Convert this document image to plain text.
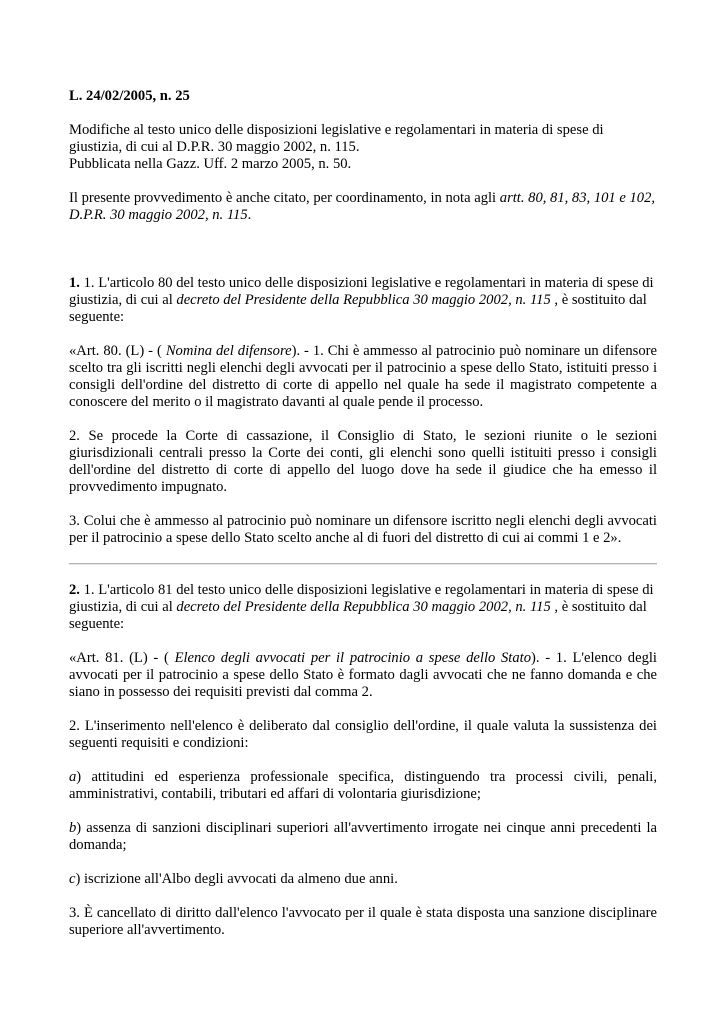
L. 24/02/2005, n. 25

Modifiche al testo unico delle disposizioni legislative e regolamentari in materia di spese di giustizia, di cui al D.P.R. 30 maggio 2002, n. 115.

Pubblicata nella Gazz. Uff. 2 marzo 2005, n. 50.

Il presente provvedimento è anche citato, per coordinamento, in nota agli artt. 80, 81, 83, 101 e 102, D.P.R. 30 maggio 2002, n. 115.

1. 1. L'articolo 80 del testo unico delle disposizioni legislative e regolamentari in materia di spese di giustizia, di cui al decreto del Presidente della Repubblica 30 maggio 2002, n. 115 , è sostituito dal seguente:

«Art. 80. (L) - ( Nomina del difensore). - 1. Chi è ammesso al patrocinio può nominare un difensore scelto tra gli iscritti negli elenchi degli avvocati per il patrocinio a spese dello Stato, istituiti presso i consigli dell'ordine del distretto di corte di appello nel quale ha sede il magistrato competente a conoscere del merito o il magistrato davanti al quale pende il processo.

2. Se procede la Corte di cassazione, il Consiglio di Stato, le sezioni riunite o le sezioni giurisdizionali centrali presso la Corte dei conti, gli elenchi sono quelli istituiti presso i consigli dell'ordine del distretto di corte di appello del luogo dove ha sede il giudice che ha emesso il provvedimento impugnato.

3. Colui che è ammesso al patrocinio può nominare un difensore iscritto negli elenchi degli avvocati per il patrocinio a spese dello Stato scelto anche al di fuori del distretto di cui ai commi 1 e 2».

2. 1. L'articolo 81 del testo unico delle disposizioni legislative e regolamentari in materia di spese di giustizia, di cui al decreto del Presidente della Repubblica 30 maggio 2002, n. 115 , è sostituito dal seguente:

«Art. 81. (L) - ( Elenco degli avvocati per il patrocinio a spese dello Stato). - 1. L'elenco degli avvocati per il patrocinio a spese dello Stato è formato dagli avvocati che ne fanno domanda e che siano in possesso dei requisiti previsti dal comma 2.

2. L'inserimento nell'elenco è deliberato dal consiglio dell'ordine, il quale valuta la sussistenza dei seguenti requisiti e condizioni:

a) attitudini ed esperienza professionale specifica, distinguendo tra processi civili, penali, amministrativi, contabili, tributari ed affari di volontaria giurisdizione;

b) assenza di sanzioni disciplinari superiori all'avvertimento irrogate nei cinque anni precedenti la domanda;

c) iscrizione all'Albo degli avvocati da almeno due anni.

3. È cancellato di diritto dall'elenco l'avvocato per il quale è stata disposta una sanzione disciplinare superiore all'avvertimento.
